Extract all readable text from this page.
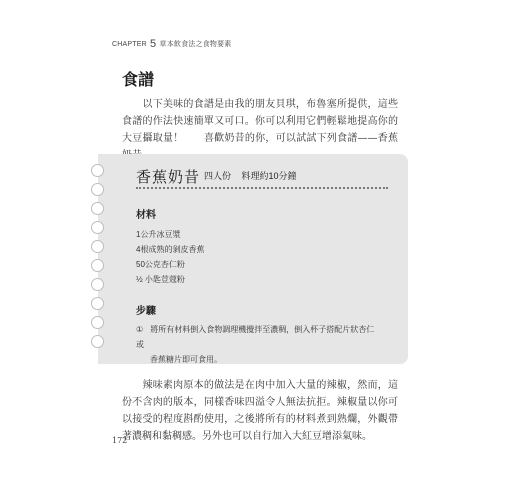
CHAPTER 5 草本飲食法之食物要素
食譜
　　以下美味的食譜是由我的朋友貝琪，布魯塞所提供，這些食譜的作法快速簡單又可口。你可以利用它們輕鬆地提高你的大豆攝取量！　　喜歡奶昔的你，可以試試下列食譜——香蕉
香蕉奶昔 四人份 料理約10分鐘
材料
1公升冰豆漿
4根成熟的剝皮香蕉
50公克杏仁粉
½ 小匙荳蔻粉
步驟
① 將所有材料倒入食物調理機攪拌至濃稠，倒入杯子搭配片狀杏仁或
香蕉糖片即可食用。
　　辣味素肉原本的做法是在肉中加入大量的辣椒，然而，這份不含肉的版本，同樣香味四溢令人無法抗拒。辣椒量以你可以接受的程度斟酌使用，之後將所有的材料煮到熟爛，外觀帶著濃稠和黏稠感。另外也可以自行加入大紅豆增添氣味。
172
